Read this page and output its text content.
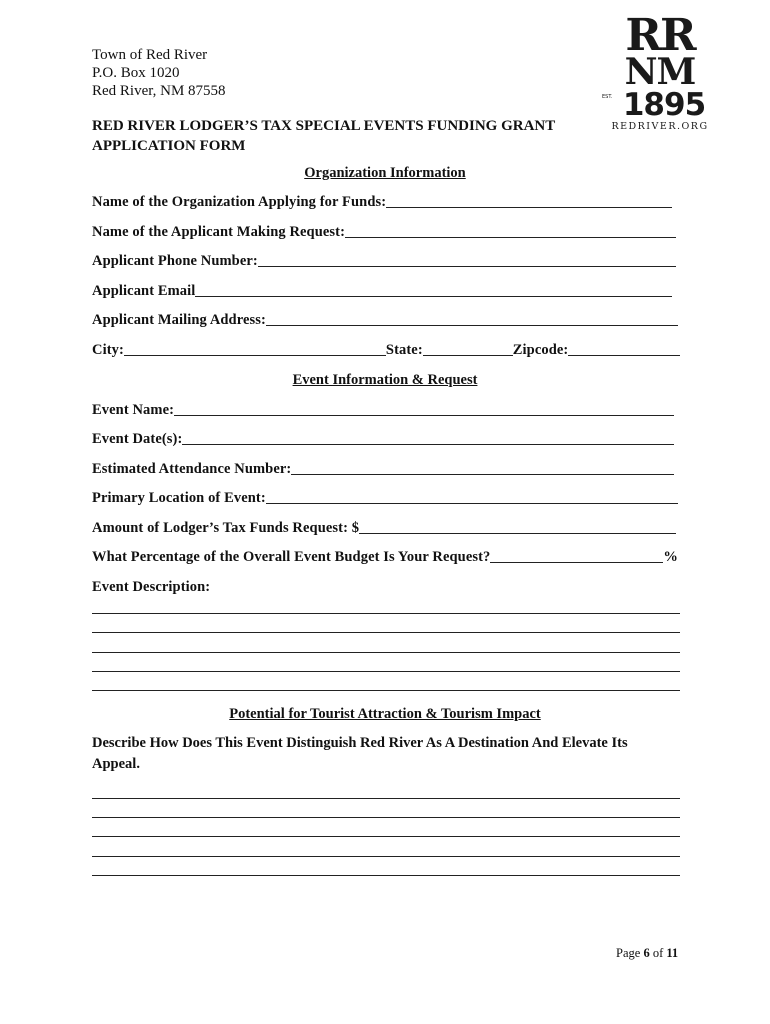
Town of Red River
P.O. Box 1020
Red River, NM 87558
RR
NM
EST. 1895
REDRIVER.ORG
RED RIVER LODGER’S TAX SPECIAL EVENTS FUNDING GRANT
APPLICATION FORM
Organization Information
Name of the Organization Applying for Funds:
Name of the Applicant Making Request:
Applicant Phone Number:
Applicant Email
Applicant Mailing Address:
City:	State:	Zipcode:
Event Information & Request
Event Name:
Event Date(s):
Estimated Attendance Number:
Primary Location of Event:
Amount of Lodger’s Tax Funds Request: $
What Percentage of the Overall Event Budget Is Your Request?	%
Event Description:
Potential for Tourist Attraction & Tourism Impact
Describe How Does This Event Distinguish Red River As A Destination And Elevate Its Appeal.
Page 6 of 11
